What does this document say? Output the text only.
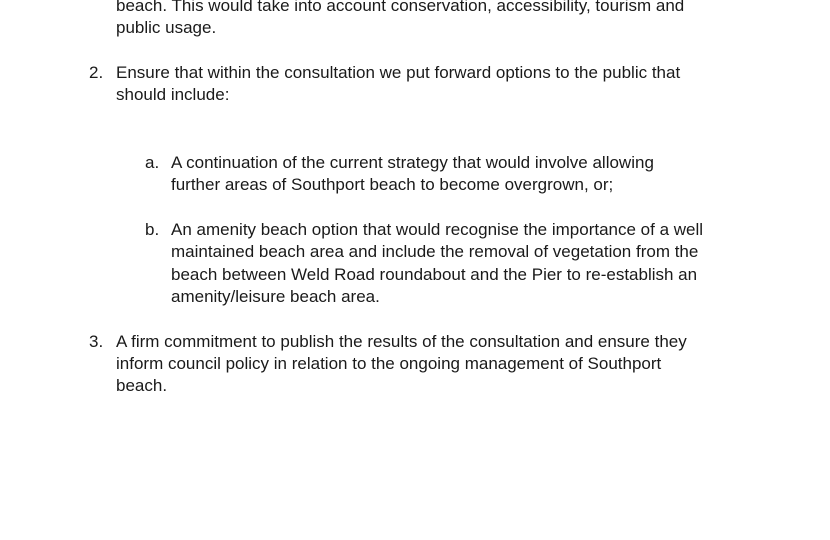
beach. This would take into account conservation, accessibility, tourism and
public usage.
2. Ensure that within the consultation we put forward options to the public that
should include:
a. A continuation of the current strategy that would involve allowing
further areas of Southport beach to become overgrown, or;
b. An amenity beach option that would recognise the importance of a well
maintained beach area and include the removal of vegetation from the
beach between Weld Road roundabout and the Pier to re-establish an
amenity/leisure beach area.
3. A firm commitment to publish the results of the consultation and ensure they
inform council policy in relation to the ongoing management of Southport
beach.
